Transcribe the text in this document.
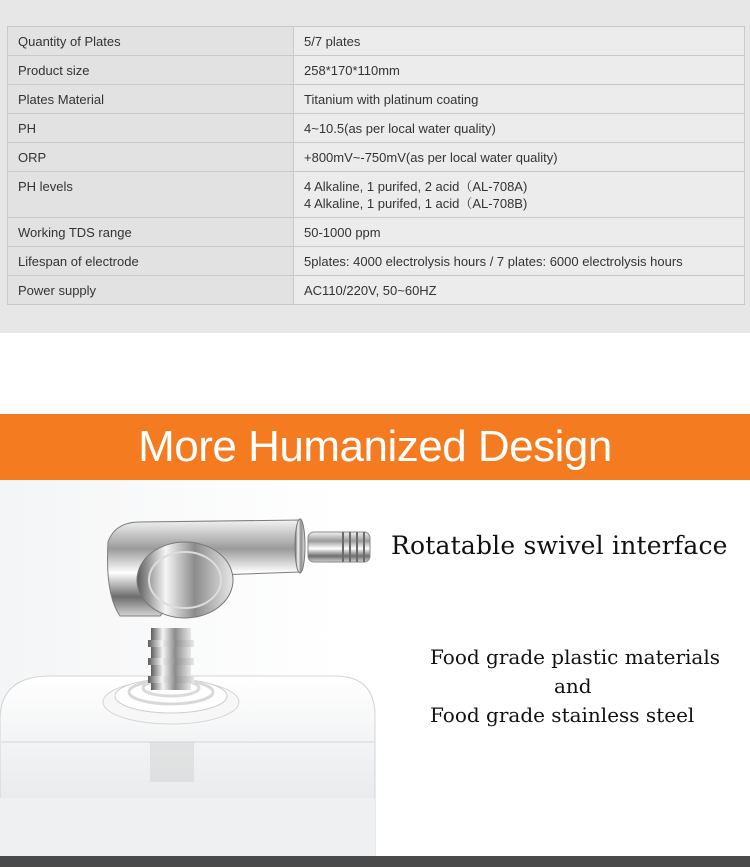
Quantity of Plates	5/7 plates

Product size	258*170*110mm

Plates Material	Titanium with platinum coating

PH	4~10.5(as per local water quality)

ORP	+800mV~-750mV(as per local water quality)

PH levels	4 Alkaline, 1 purifed, 2 acid（AL-708A)
4 Alkaline, 1 purifed, 1 acid（AL-708B)

Working TDS range	50-1000 ppm

Lifespan of electrode	5plates: 4000 electrolysis hours / 7 plates: 6000 electrolysis hours

Power supply	AC110/220V, 50~60HZ
More Humanized Design
Rotatable swivel interface
Food grade plastic materials
and
Food grade stainless steel
